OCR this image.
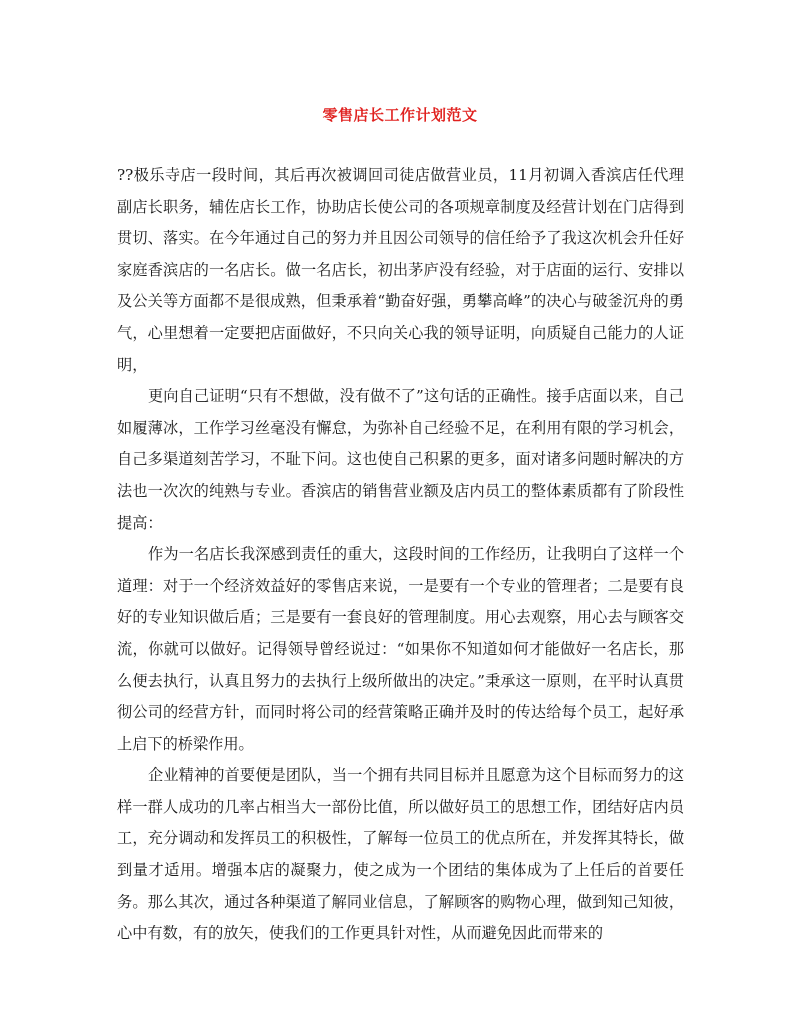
零售店长工作计划范文

??极乐寺店一段时间，其后再次被调回司徒店做营业员，11月初调入香滨店任代理副店长职务，辅佐店长工作，协助店长使公司的各项规章制度及经营计划在门店得到贯切、落实。在今年通过自己的努力并且因公司领导的信任给予了我这次机会升任好家庭香滨店的一名店长。做一名店长，初出茅庐没有经验，对于店面的运行、安排以及公关等方面都不是很成熟，但秉承着“勤奋好强，勇攀高峰”的决心与破釜沉舟的勇气，心里想着一定要把店面做好，不只向关心我的领导证明，向质疑自己能力的人证明，

更向自己证明“只有不想做，没有做不了”这句话的正确性。接手店面以来，自己如履薄冰，工作学习丝毫没有懈怠，为弥补自己经验不足，在利用有限的学习机会，自己多渠道刻苦学习，不耻下问。这也使自己积累的更多，面对诸多问题时解决的方法也一次次的纯熟与专业。香滨店的销售营业额及店内员工的整体素质都有了阶段性提高：

作为一名店长我深感到责任的重大，这段时间的工作经历，让我明白了这样一个道理：对于一个经济效益好的零售店来说，一是要有一个专业的管理者；二是要有良好的专业知识做后盾；三是要有一套良好的管理制度。用心去观察，用心去与顾客交流，你就可以做好。记得领导曾经说过：“如果你不知道如何才能做好一名店长，那么便去执行，认真且努力的去执行上级所做出的决定。”秉承这一原则，在平时认真贯彻公司的经营方针，而同时将公司的经营策略正确并及时的传达给每个员工，起好承上启下的桥梁作用。

企业精神的首要便是团队，当一个拥有共同目标并且愿意为这个目标而努力的这样一群人成功的几率占相当大一部份比值，所以做好员工的思想工作，团结好店内员工，充分调动和发挥员工的积极性，了解每一位员工的优点所在，并发挥其特长，做到量才适用。增强本店的凝聚力，使之成为一个团结的集体成为了上任后的首要任务。那么其次，通过各种渠道了解同业信息，了解顾客的购物心理，做到知己知彼，心中有数，有的放矢，使我们的工作更具针对性，从而避免因此而带来的
